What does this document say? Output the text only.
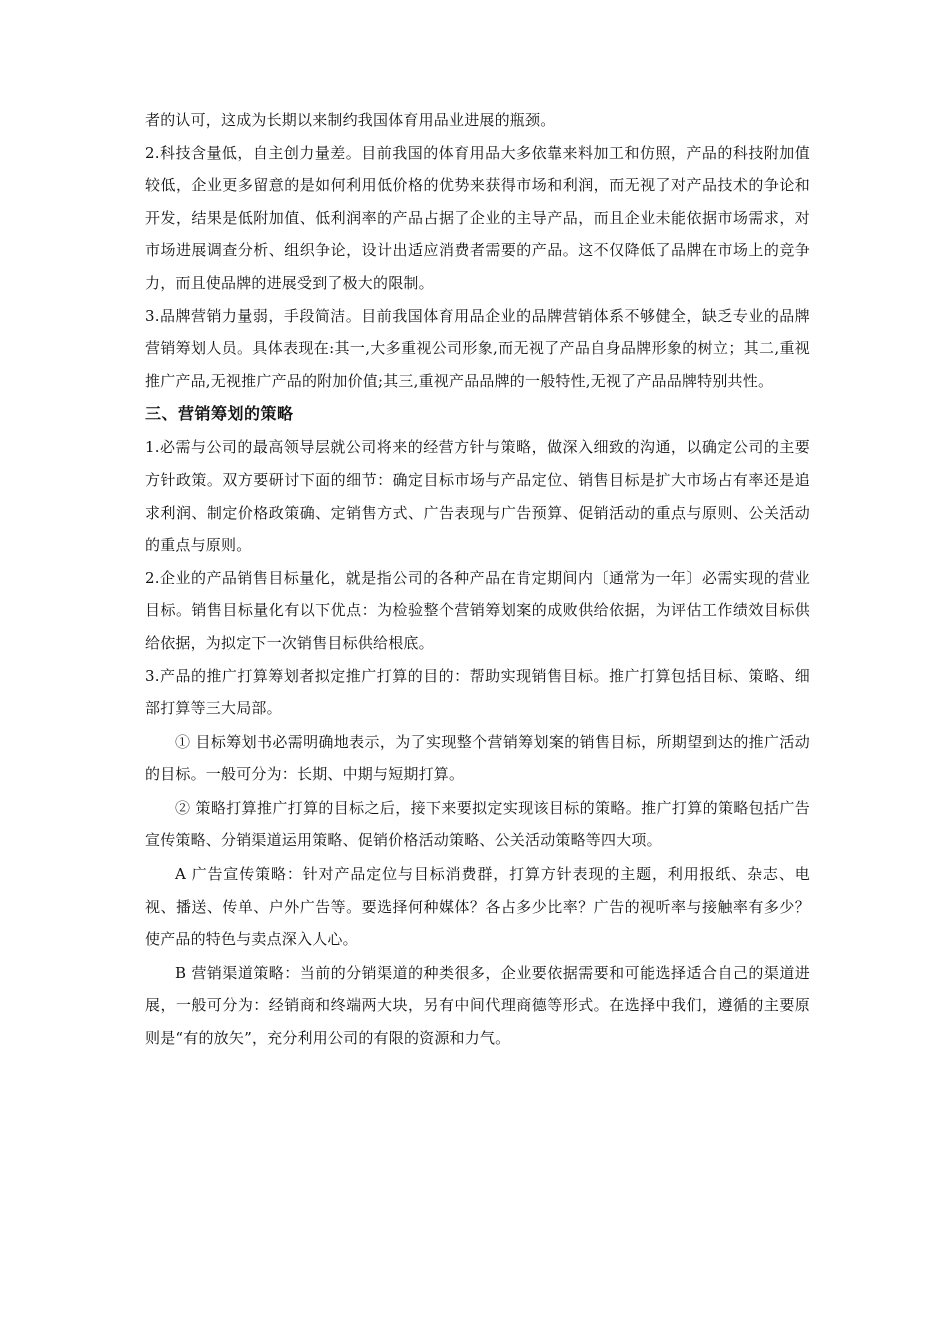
者的认可，这成为长期以来制约我国体育用品业进展的瓶颈。

2.科技含量低，自主创力量差。目前我国的体育用品大多依靠来料加工和仿照，产品的科技附加值较低，企业更多留意的是如何利用低价格的优势来获得市场和利润，而无视了对产品技术的争论和开发，结果是低附加值、低利润率的产品占据了企业的主导产品，而且企业未能依据市场需求，对市场进展调查分析、组织争论，设计出适应消费者需要的产品。这不仅降低了品牌在市场上的竞争力，而且使品牌的进展受到了极大的限制。

3.品牌营销力量弱，手段简洁。目前我国体育用品企业的品牌营销体系不够健全，缺乏专业的品牌营销筹划人员。具体表现在:其一,大多重视公司形象,而无视了产品自身品牌形象的树立；其二,重视推广产品,无视推广产品的附加价值;其三,重视产品品牌的一般特性,无视了产品品牌特别共性。

三、营销筹划的策略

1.必需与公司的最高领导层就公司将来的经营方针与策略，做深入细致的沟通，以确定公司的主要方针政策。双方要研讨下面的细节：确定目标市场与产品定位、销售目标是扩大市场占有率还是追求利润、制定价格政策确、定销售方式、广告表现与广告预算、促销活动的重点与原则、公关活动的重点与原则。

2.企业的产品销售目标量化，就是指公司的各种产品在肯定期间内〔通常为一年〕必需实现的营业目标。销售目标量化有以下优点：为检验整个营销筹划案的成败供给依据，为评估工作绩效目标供给依据，为拟定下一次销售目标供给根底。

3.产品的推广打算筹划者拟定推广打算的目的：帮助实现销售目标。推广打算包括目标、策略、细部打算等三大局部。

① 目标筹划书必需明确地表示，为了实现整个营销筹划案的销售目标，所期望到达的推广活动的目标。一般可分为：长期、中期与短期打算。

② 策略打算推广打算的目标之后，接下来要拟定实现该目标的策略。推广打算的策略包括广告宣传策略、分销渠道运用策略、促销价格活动策略、公关活动策略等四大项。

A 广告宣传策略：针对产品定位与目标消费群，打算方针表现的主题，利用报纸、杂志、电视、播送、传单、户外广告等。要选择何种媒体？各占多少比率？广告的视听率与接触率有多少？使产品的特色与卖点深入人心。

B 营销渠道策略：当前的分销渠道的种类很多，企业要依据需要和可能选择适合自己的渠道进展，一般可分为：经销商和终端两大块，另有中间代理商德等形式。在选择中我们，遵循的主要原则是“有的放矢”，充分利用公司的有限的资源和力气。
